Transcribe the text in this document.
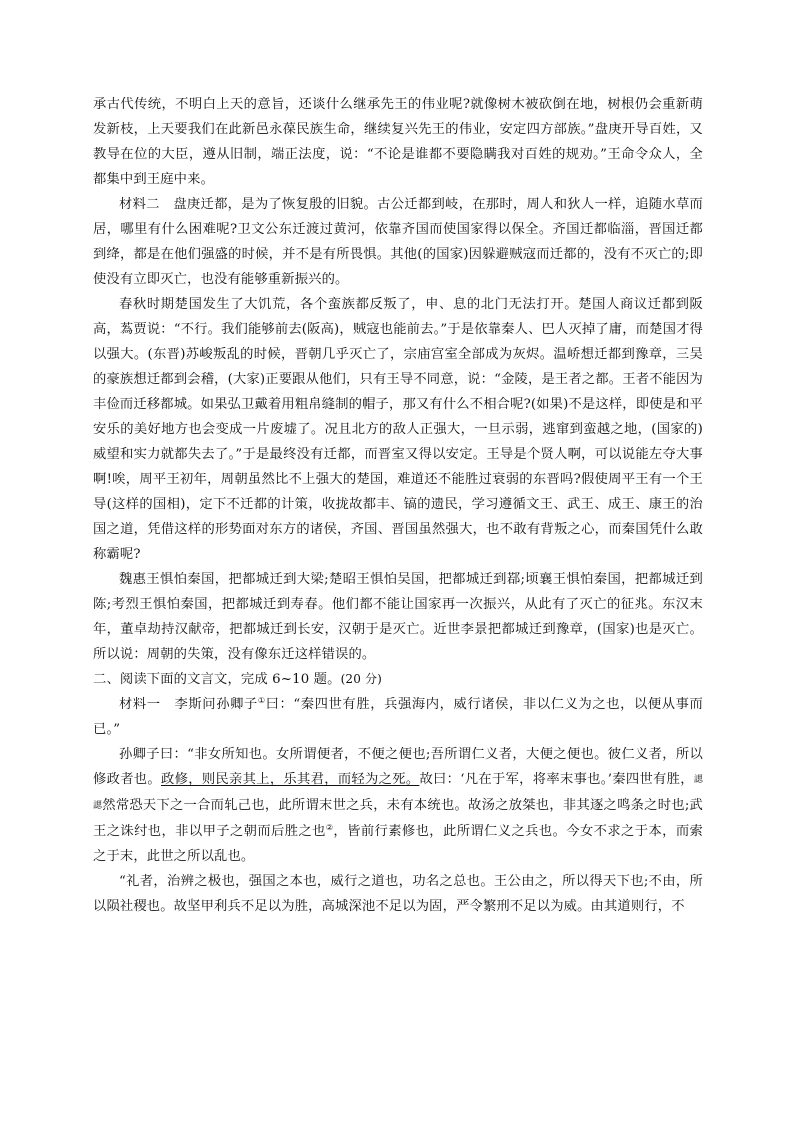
承古代传统，不明白上天的意旨，还谈什么继承先王的伟业呢?就像树木被砍倒在地，树根仍会重新萌发新枝，上天要我们在此新邑永葆民族生命，继续复兴先王的伟业，安定四方部族。”盘庚开导百姓，又教导在位的大臣，遵从旧制，端正法度，说：“不论是谁都不要隐瞒我对百姓的规劝。”王命令众人，全都集中到王庭中来。

材料二　盘庚迁都，是为了恢复殷的旧貌。古公迁都到岐，在那时，周人和狄人一样，追随水草而居，哪里有什么困难呢?卫文公东迁渡过黄河，依靠齐国而使国家得以保全。齐国迁都临淄，晋国迁都到绛，都是在他们强盛的时候，并不是有所畏惧。其他(的国家)因躲避贼寇而迁都的，没有不灭亡的;即使没有立即灭亡，也没有能够重新振兴的。

春秋时期楚国发生了大饥荒，各个蛮族都反叛了，申、息的北门无法打开。楚国人商议迁都到阪高，蒍贾说：“不行。我们能够前去(阪高)，贼寇也能前去。”于是依靠秦人、巴人灭掉了庸，而楚国才得以强大。(东晋)苏峻叛乱的时候，晋朝几乎灭亡了，宗庙宫室全部成为灰烬。温峤想迁都到豫章，三吴的豪族想迁都到会稽，(大家)正要跟从他们，只有王导不同意，说：“金陵，是王者之都。王者不能因为丰俭而迁移都城。如果弘卫戴着用粗帛缝制的帽子，那又有什么不相合呢?(如果)不是这样，即使是和平安乐的美好地方也会变成一片废墟了。况且北方的敌人正强大，一旦示弱，逃窜到蛮越之地，(国家的)威望和实力就都失去了。”于是最终没有迁都，而晋室又得以安定。王导是个贤人啊，可以说能左夺大事啊!唉，周平王初年，周朝虽然比不上强大的楚国，难道还不能胜过衰弱的东晋吗?假使周平王有一个王导(这样的国相)，定下不迁都的计策，收拢故都丰、镐的遗民，学习遵循文王、武王、成王、康王的治国之道，凭借这样的形势面对东方的诸侯，齐国、晋国虽然强大，也不敢有背叛之心，而秦国凭什么敢称霸呢?

魏惠王惧怕秦国，把都城迁到大梁;楚昭王惧怕吴国，把都城迁到鄀;顷襄王惧怕秦国，把都城迁到陈;考烈王惧怕秦国，把都城迁到寿春。他们都不能让国家再一次振兴，从此有了灭亡的征兆。东汉末年，董卓劫持汉献帝，把都城迁到长安，汉朝于是灭亡。近世李景把都城迁到豫章，(国家)也是灭亡。所以说：周朝的失策，没有像东迁这样错误的。

二、阅读下面的文言文，完成 6~10 题。(20 分)

材料一　李斯问孙卿子①曰：“秦四世有胜，兵强海内，威行诸侯，非以仁义为之也，以便从事而已。”

孙卿子曰：“非女所知也。女所谓便者，不便之便也;吾所谓仁义者，大便之便也。彼仁义者，所以修政者也。政修，则民亲其上，乐其君，而轻为之死。故曰：‘凡在于军，将率末事也。’秦四世有胜，諰諰然常恐天下之一合而轧己也，此所谓末世之兵，未有本统也。故汤之放桀也，非其逐之鸣条之时也;武王之诛纣也，非以甲子之朝而后胜之也②，皆前行素修也，此所谓仁义之兵也。今女不求之于本，而索之于末，此世之所以乱也。

“礼者，治辨之极也，强国之本也，威行之道也，功名之总也。王公由之，所以得天下也;不由，所以陨社稷也。故坚甲利兵不足以为胜，高城深池不足以为固，严令繁刑不足以为威。由其道则行，不
